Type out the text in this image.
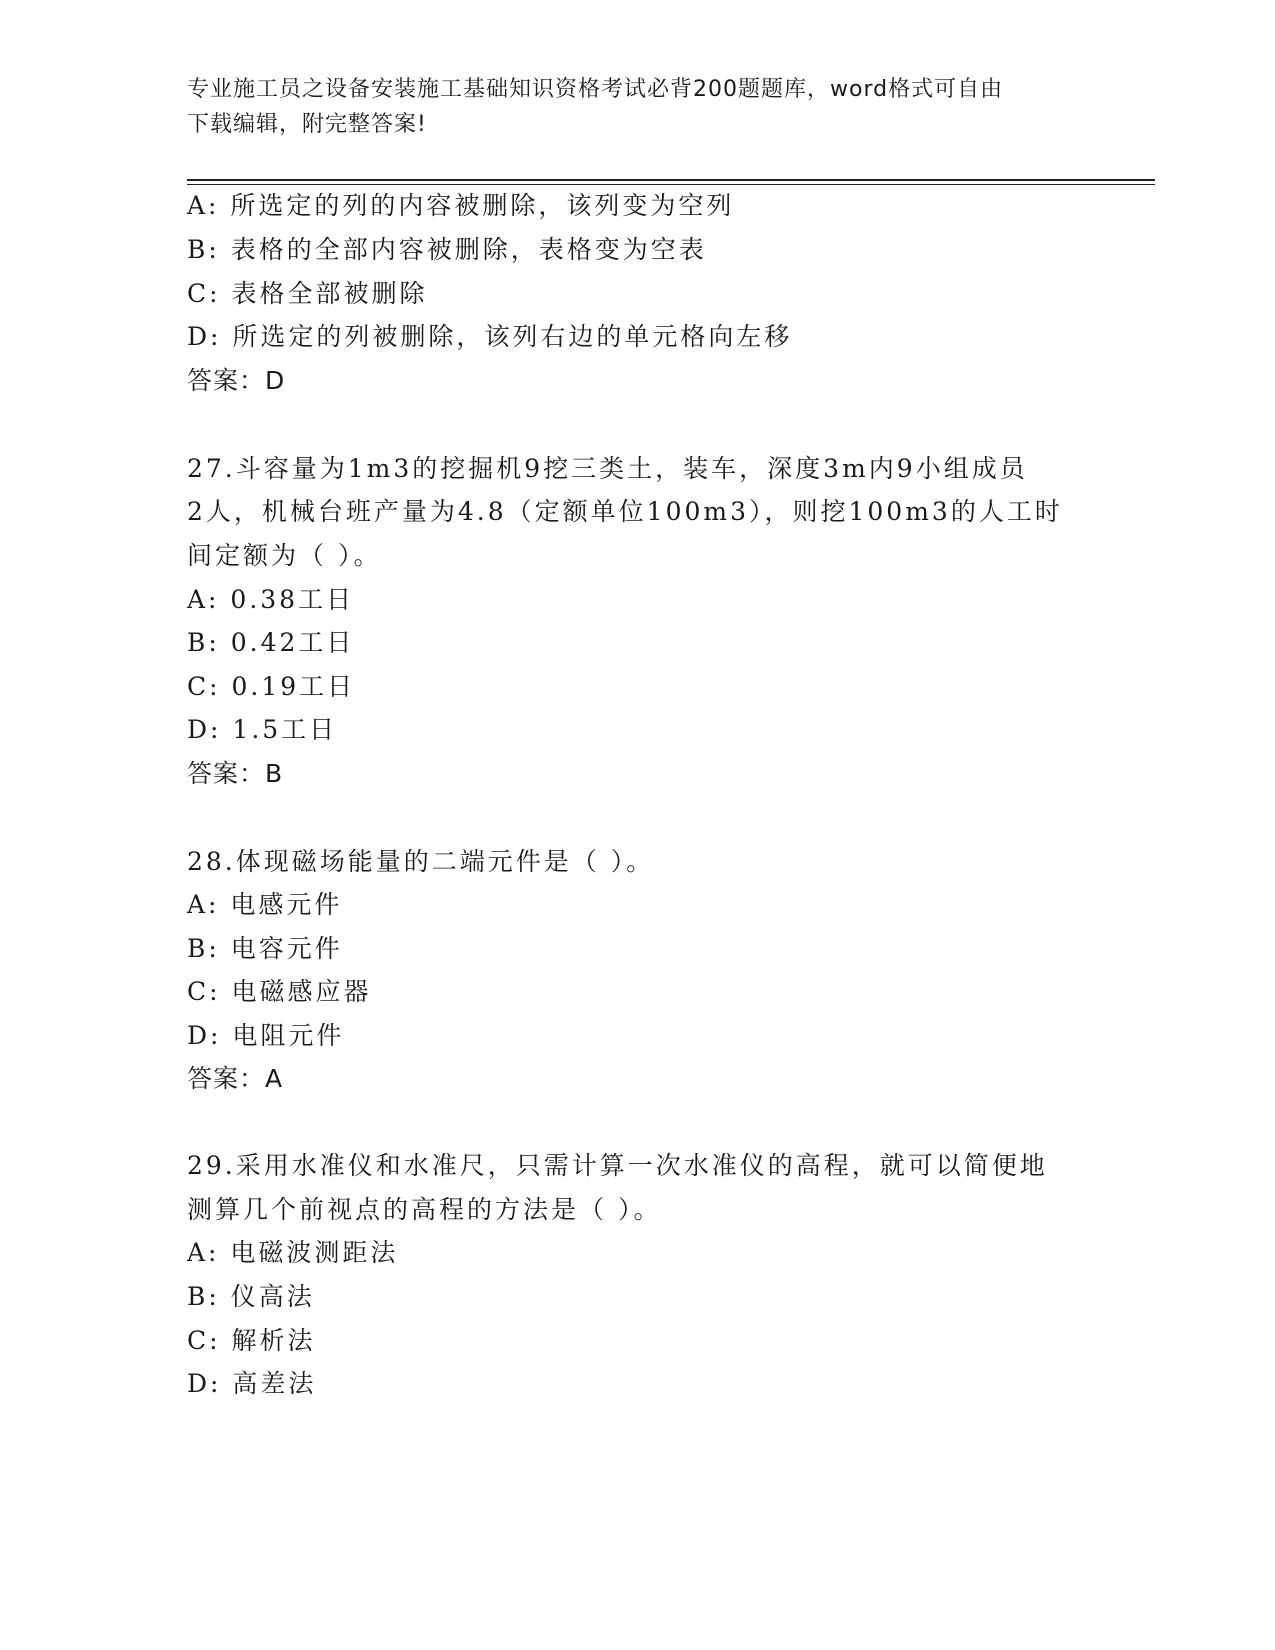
专业施工员之设备安装施工基础知识资格考试必背200题题库，word格式可自由
下载编辑，附完整答案!
A: 所选定的列的内容被删除，该列变为空列
B: 表格的全部内容被删除，表格变为空表
C: 表格全部被删除
D: 所选定的列被删除，该列右边的单元格向左移
答案：D
27.斗容量为1m3的挖掘机9挖三类土，装车，深度3m内9小组成员
2人，机械台班产量为4.8（定额单位100m3），则挖100m3的人工时
间定额为（ ）。
A: 0.38工日
B: 0.42工日
C: 0.19工日
D: 1.5工日
答案：B
28.体现磁场能量的二端元件是（ ）。
A: 电感元件
B: 电容元件
C: 电磁感应器
D: 电阻元件
答案：A
29.采用水准仪和水准尺，只需计算一次水准仪的高程，就可以简便地
测算几个前视点的高程的方法是（ ）。
A: 电磁波测距法
B: 仪高法
C: 解析法
D: 高差法
